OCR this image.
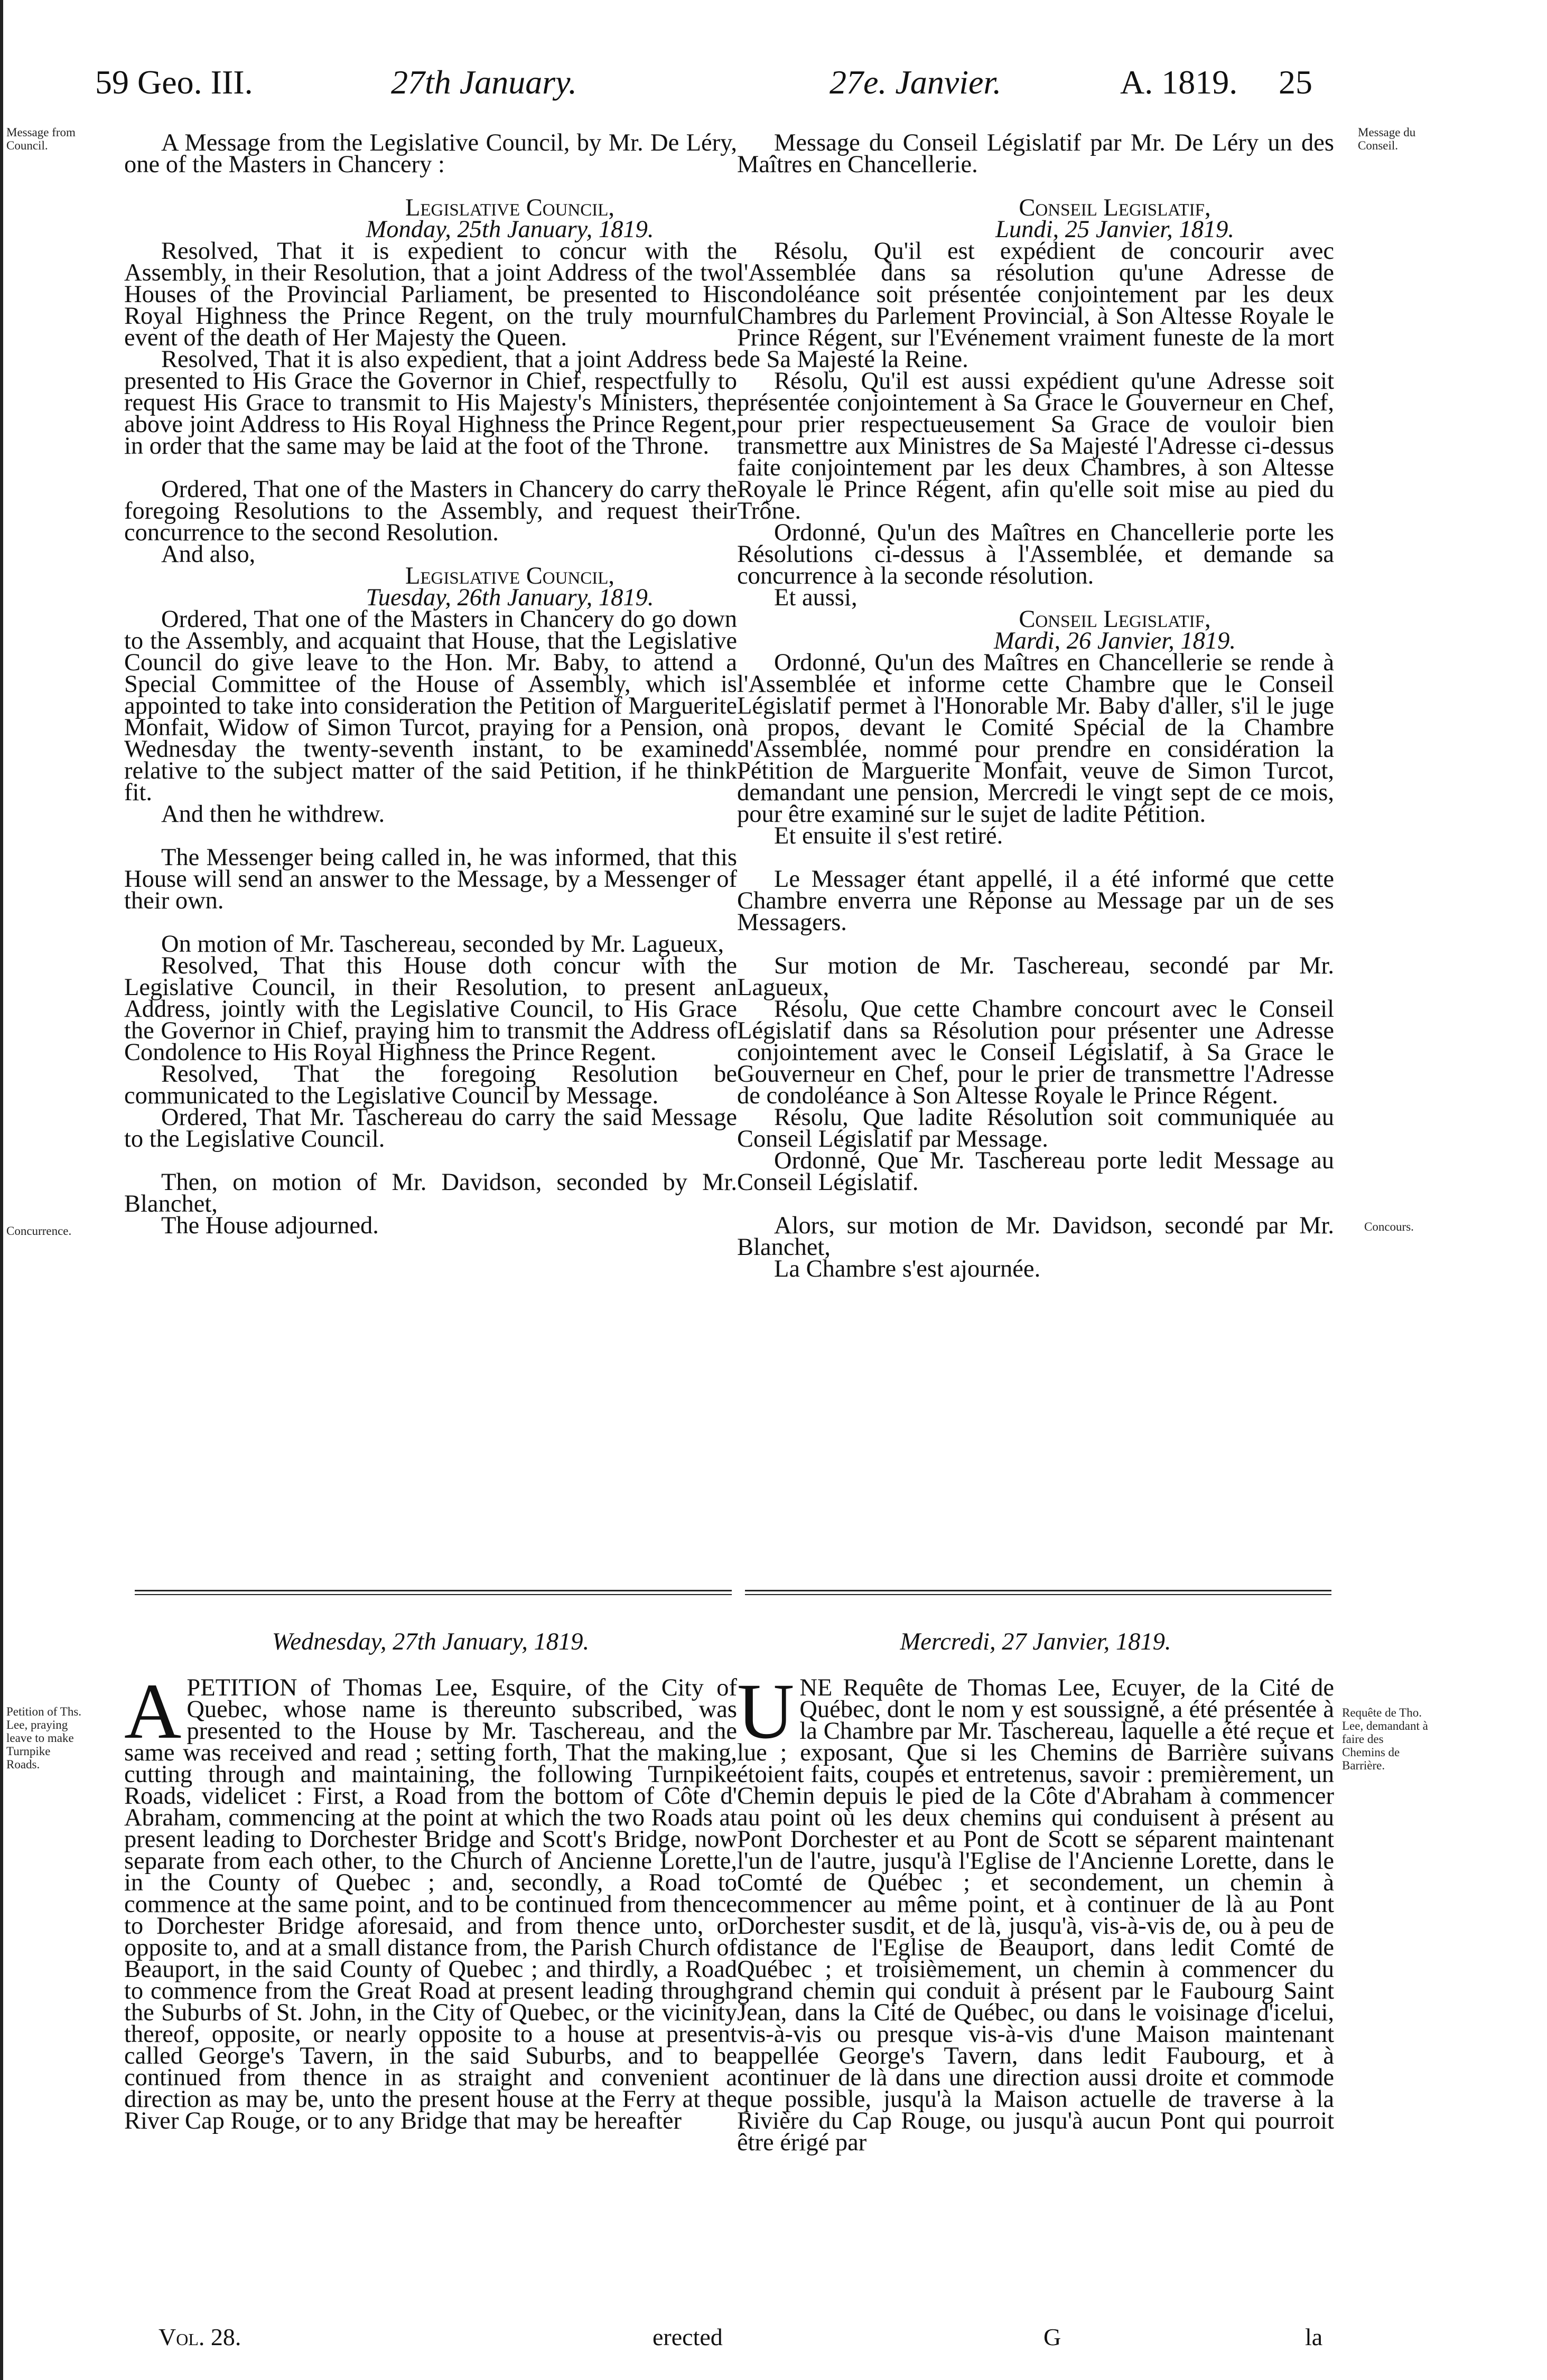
59 Geo. III.	27th January.	27e. Janvier.	A. 1819. 25
Message from Council.
Message du Conseil.
Concurrence.	Concours.
Petition of Ths. Lee, praying leave to make Turnpike Roads.
Requête de Tho. Lee, demandant à faire des Chemins de Barrière.

A Message from the Legislative Council, by Mr. De Léry, one of the Masters in Chancery :

Legislative Council,

Monday, 25th January, 1819.

Resolved, That it is expedient to concur with the Assembly, in their Resolution, that a joint Address of the two Houses of the Provincial Parliament, be presented to His Royal Highness the Prince Regent, on the truly mournful event of the death of Her Majesty the Queen.

Resolved, That it is also expedient, that a joint Address be presented to His Grace the Governor in Chief, respectfully to request His Grace to transmit to His Majesty's Ministers, the above joint Address to His Royal Highness the Prince Regent, in order that the same may be laid at the foot of the Throne.

Ordered, That one of the Masters in Chancery do carry the foregoing Resolutions to the Assembly, and request their concurrence to the second Resolution.

And also,

Legislative Council,

Tuesday, 26th January, 1819.

Ordered, That one of the Masters in Chancery do go down to the Assembly, and acquaint that House, that the Legislative Council do give leave to the Hon. Mr. Baby, to attend a Special Committee of the House of Assembly, which is appointed to take into consideration the Petition of Marguerite Monfait, Widow of Simon Turcot, praying for a Pension, on Wednesday the twenty-seventh instant, to be examined relative to the subject matter of the said Petition, if he think fit.

And then he withdrew.

The Messenger being called in, he was informed, that this House will send an answer to the Message, by a Messenger of their own.

On motion of Mr. Taschereau, seconded by Mr. Lagueux,

Resolved, That this House doth concur with the Legislative Council, in their Resolution, to present an Address, jointly with the Legislative Council, to His Grace the Governor in Chief, praying him to transmit the Address of Condolence to His Royal Highness the Prince Regent.

Resolved, That the foregoing Resolution be communicated to the Legislative Council by Message.

Ordered, That Mr. Taschereau do carry the said Message to the Legislative Council.

Then, on motion of Mr. Davidson, seconded by Mr. Blanchet,

The House adjourned.

Message du Conseil Législatif par Mr. De Léry un des Maîtres en Chancellerie.

Conseil Legislatif,

Lundi, 25 Janvier, 1819.

Résolu, Qu'il est expédient de concourir avec l'Assemblée dans sa résolution qu'une Adresse de condoléance soit présentée conjointement par les deux Chambres du Parlement Provincial, à Son Altesse Royale le Prince Régent, sur l'Evénement vraiment funeste de la mort de Sa Majesté la Reine.

Résolu, Qu'il est aussi expédient qu'une Adresse soit présentée conjointement à Sa Grace le Gouverneur en Chef, pour prier respectueusement Sa Grace de vouloir bien transmettre aux Ministres de Sa Majesté l'Adresse ci-dessus faite conjointement par les deux Chambres, à son Altesse Royale le Prince Régent, afin qu'elle soit mise au pied du Trône.

Ordonné, Qu'un des Maîtres en Chancellerie porte les Résolutions ci-dessus à l'Assemblée, et demande sa concurrence à la seconde résolution.

Et aussi,

Conseil Legislatif,

Mardi, 26 Janvier, 1819.

Ordonné, Qu'un des Maîtres en Chancellerie se rende à l'Assemblée et informe cette Chambre que le Conseil Législatif permet à l'Honorable Mr. Baby d'aller, s'il le juge à propos, devant le Comité Spécial de la Chambre d'Assemblée, nommé pour prendre en considération la Pétition de Marguerite Monfait, veuve de Simon Turcot, demandant une pension, Mercredi le vingt sept de ce mois, pour être examiné sur le sujet de ladite Pétition.

Et ensuite il s'est retiré.

Le Messager étant appellé, il a été informé que cette Chambre enverra une Réponse au Message par un de ses Messagers.

Sur motion de Mr. Taschereau, secondé par Mr. Lagueux,

Résolu, Que cette Chambre concourt avec le Conseil Législatif dans sa Résolution pour présenter une Adresse conjointement avec le Conseil Législatif, à Sa Grace le Gouverneur en Chef, pour le prier de transmettre l'Adresse de condoléance à Son Altesse Royale le Prince Régent.

Résolu, Que ladite Résolution soit communiquée au Conseil Législatif par Message.

Ordonné, Que Mr. Taschereau porte ledit Message au Conseil Législatif.

Alors, sur motion de Mr. Davidson, secondé par Mr. Blanchet,

La Chambre s'est ajournée.

Wednesday, 27th January, 1819.	Mercredi, 27 Janvier, 1819.

A PETITION of Thomas Lee, Esquire, of the City of Quebec, whose name is thereunto subscribed, was presented to the House by Mr. Taschereau, and the same was received and read ; setting forth, That the making, cutting through and maintaining, the following Turnpike Roads, videlicet : First, a Road from the bottom of Côte d' Abraham, commencing at the point at which the two Roads at present leading to Dorchester Bridge and Scott's Bridge, now separate from each other, to the Church of Ancienne Lorette, in the County of Quebec ; and, secondly, a Road to commence at the same point, and to be continued from thence to Dorchester Bridge aforesaid, and from thence unto, or opposite to, and at a small distance from, the Parish Church of Beauport, in the said County of Quebec ; and thirdly, a Road to commence from the Great Road at present leading through the Suburbs of St. John, in the City of Quebec, or the vicinity thereof, opposite, or nearly opposite to a house at present called George's Tavern, in the said Suburbs, and to be continued from thence in as straight and convenient a direction as may be, unto the present house at the Ferry at the River Cap Rouge, or to any Bridge that may be hereafter

U NE Requête de Thomas Lee, Ecuyer, de la Cité de Québec, dont le nom y est soussigné, a été présentée à la Chambre par Mr. Taschereau, laquelle a été reçue et lue ; exposant, Que si les Chemins de Barrière suivans étoient faits, coupés et entretenus, savoir : premièrement, un Chemin depuis le pied de la Côte d'Abraham à commencer au point où les deux chemins qui conduisent à présent au Pont Dorchester et au Pont de Scott se séparent maintenant l'un de l'autre, jusqu'à l'Eglise de l'Ancienne Lorette, dans le Comté de Québec ; et secondement, un chemin à commencer au même point, et à continuer de là au Pont Dorchester susdit, et de là, jusqu'à, vis-à-vis de, ou à peu de distance de l'Eglise de Beauport, dans ledit Comté de Québec ; et troisièmement, un chemin à commencer du grand chemin qui conduit à présent par le Faubourg Saint Jean, dans la Cité de Québec, ou dans le voisinage d'icelui, vis-à-vis ou presque vis-à-vis d'une Maison maintenant appellée George's Tavern, dans ledit Faubourg, et à continuer de là dans une direction aussi droite et commode que possible, jusqu'à la Maison actuelle de traverse à la Rivière du Cap Rouge, ou jusqu'à aucun Pont qui pourroit être érigé par

Vol. 28.	erected	G	la
